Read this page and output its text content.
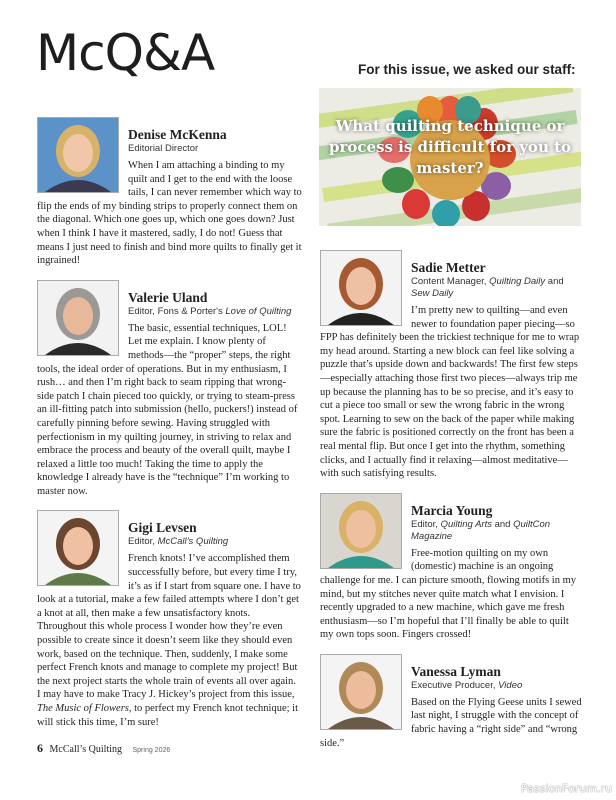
McQ&A	For this issue, we asked our staff:
What quilting technique or process is difficult for you to master?
Denise McKenna
Editorial Director
When I am attaching a binding to my quilt and I get to the end with the loose tails, I can never remember which way to flip the ends of my binding strips to properly connect them on the diagonal. Which one goes up, which one goes down? Just when I think I have it mastered, sadly, I do not! Guess that means I just need to finish and bind more quilts to finally get it ingrained!
Valerie Uland
Editor, Fons & Porter's Love of Quilting
The basic, essential techniques, LOL! Let me explain. I know plenty of methods—the “proper” steps, the right tools, the ideal order of operations. But in my enthusiasm, I rush… and then I’m right back to seam ripping that wrong-side patch I chain pieced too quickly, or trying to steam-press an ill-fitting patch into submission (hello, puckers!) instead of carefully pinning before sewing. Having struggled with perfectionism in my quilting journey, in striving to relax and embrace the process and beauty of the overall quilt, maybe I relaxed a little too much! Taking the time to apply the knowledge I already have is the “technique” I’m working to master now.
Gigi Levsen
Editor, McCall’s Quilting
French knots! I’ve accomplished them successfully before, but every time I try, it’s as if I start from square one. I have to look at a tutorial, make a few failed attempts where I don’t get a knot at all, then make a few unsatisfactory knots. Throughout this whole process I wonder how they’re even possible to create since it doesn’t seem like they should even work, based on the technique. Then, suddenly, I make some perfect French knots and manage to complete my project! But the next project starts the whole train of events all over again. I may have to make Tracy J. Hickey’s project from this issue, The Music of Flowers, to perfect my French knot technique; it will stick this time, I’m sure!
6 McCall’s Quilting Spring 2026
Sadie Metter
Content Manager, Quilting Daily and Sew Daily
I’m pretty new to quilting—and even newer to foundation paper piecing—so FPP has definitely been the trickiest technique for me to wrap my head around. Starting a new block can feel like solving a puzzle that’s upside down and backwards! The first few steps—especially attaching those first two pieces—always trip me up because the planning has to be so precise, and it’s easy to cut a piece too small or sew the wrong fabric in the wrong spot. Learning to sew on the back of the paper while making sure the fabric is positioned correctly on the front has been a real mental flip. But once I get into the rhythm, something clicks, and I actually find it relaxing—almost meditative—with such satisfying results.
Marcia Young
Editor, Quilting Arts and QuiltCon Magazine
Free-motion quilting on my own (domestic) machine is an ongoing challenge for me. I can picture smooth, flowing motifs in my mind, but my stitches never quite match what I envision. I recently upgraded to a new machine, which gave me fresh enthusiasm—so I’m hopeful that I’ll finally be able to quilt my own tops soon. Fingers crossed!
Vanessa Lyman
Executive Producer, Video
Based on the Flying Geese units I sewed last night, I struggle with the concept of fabric having a “right side” and “wrong side.”
PassionForum.ru
